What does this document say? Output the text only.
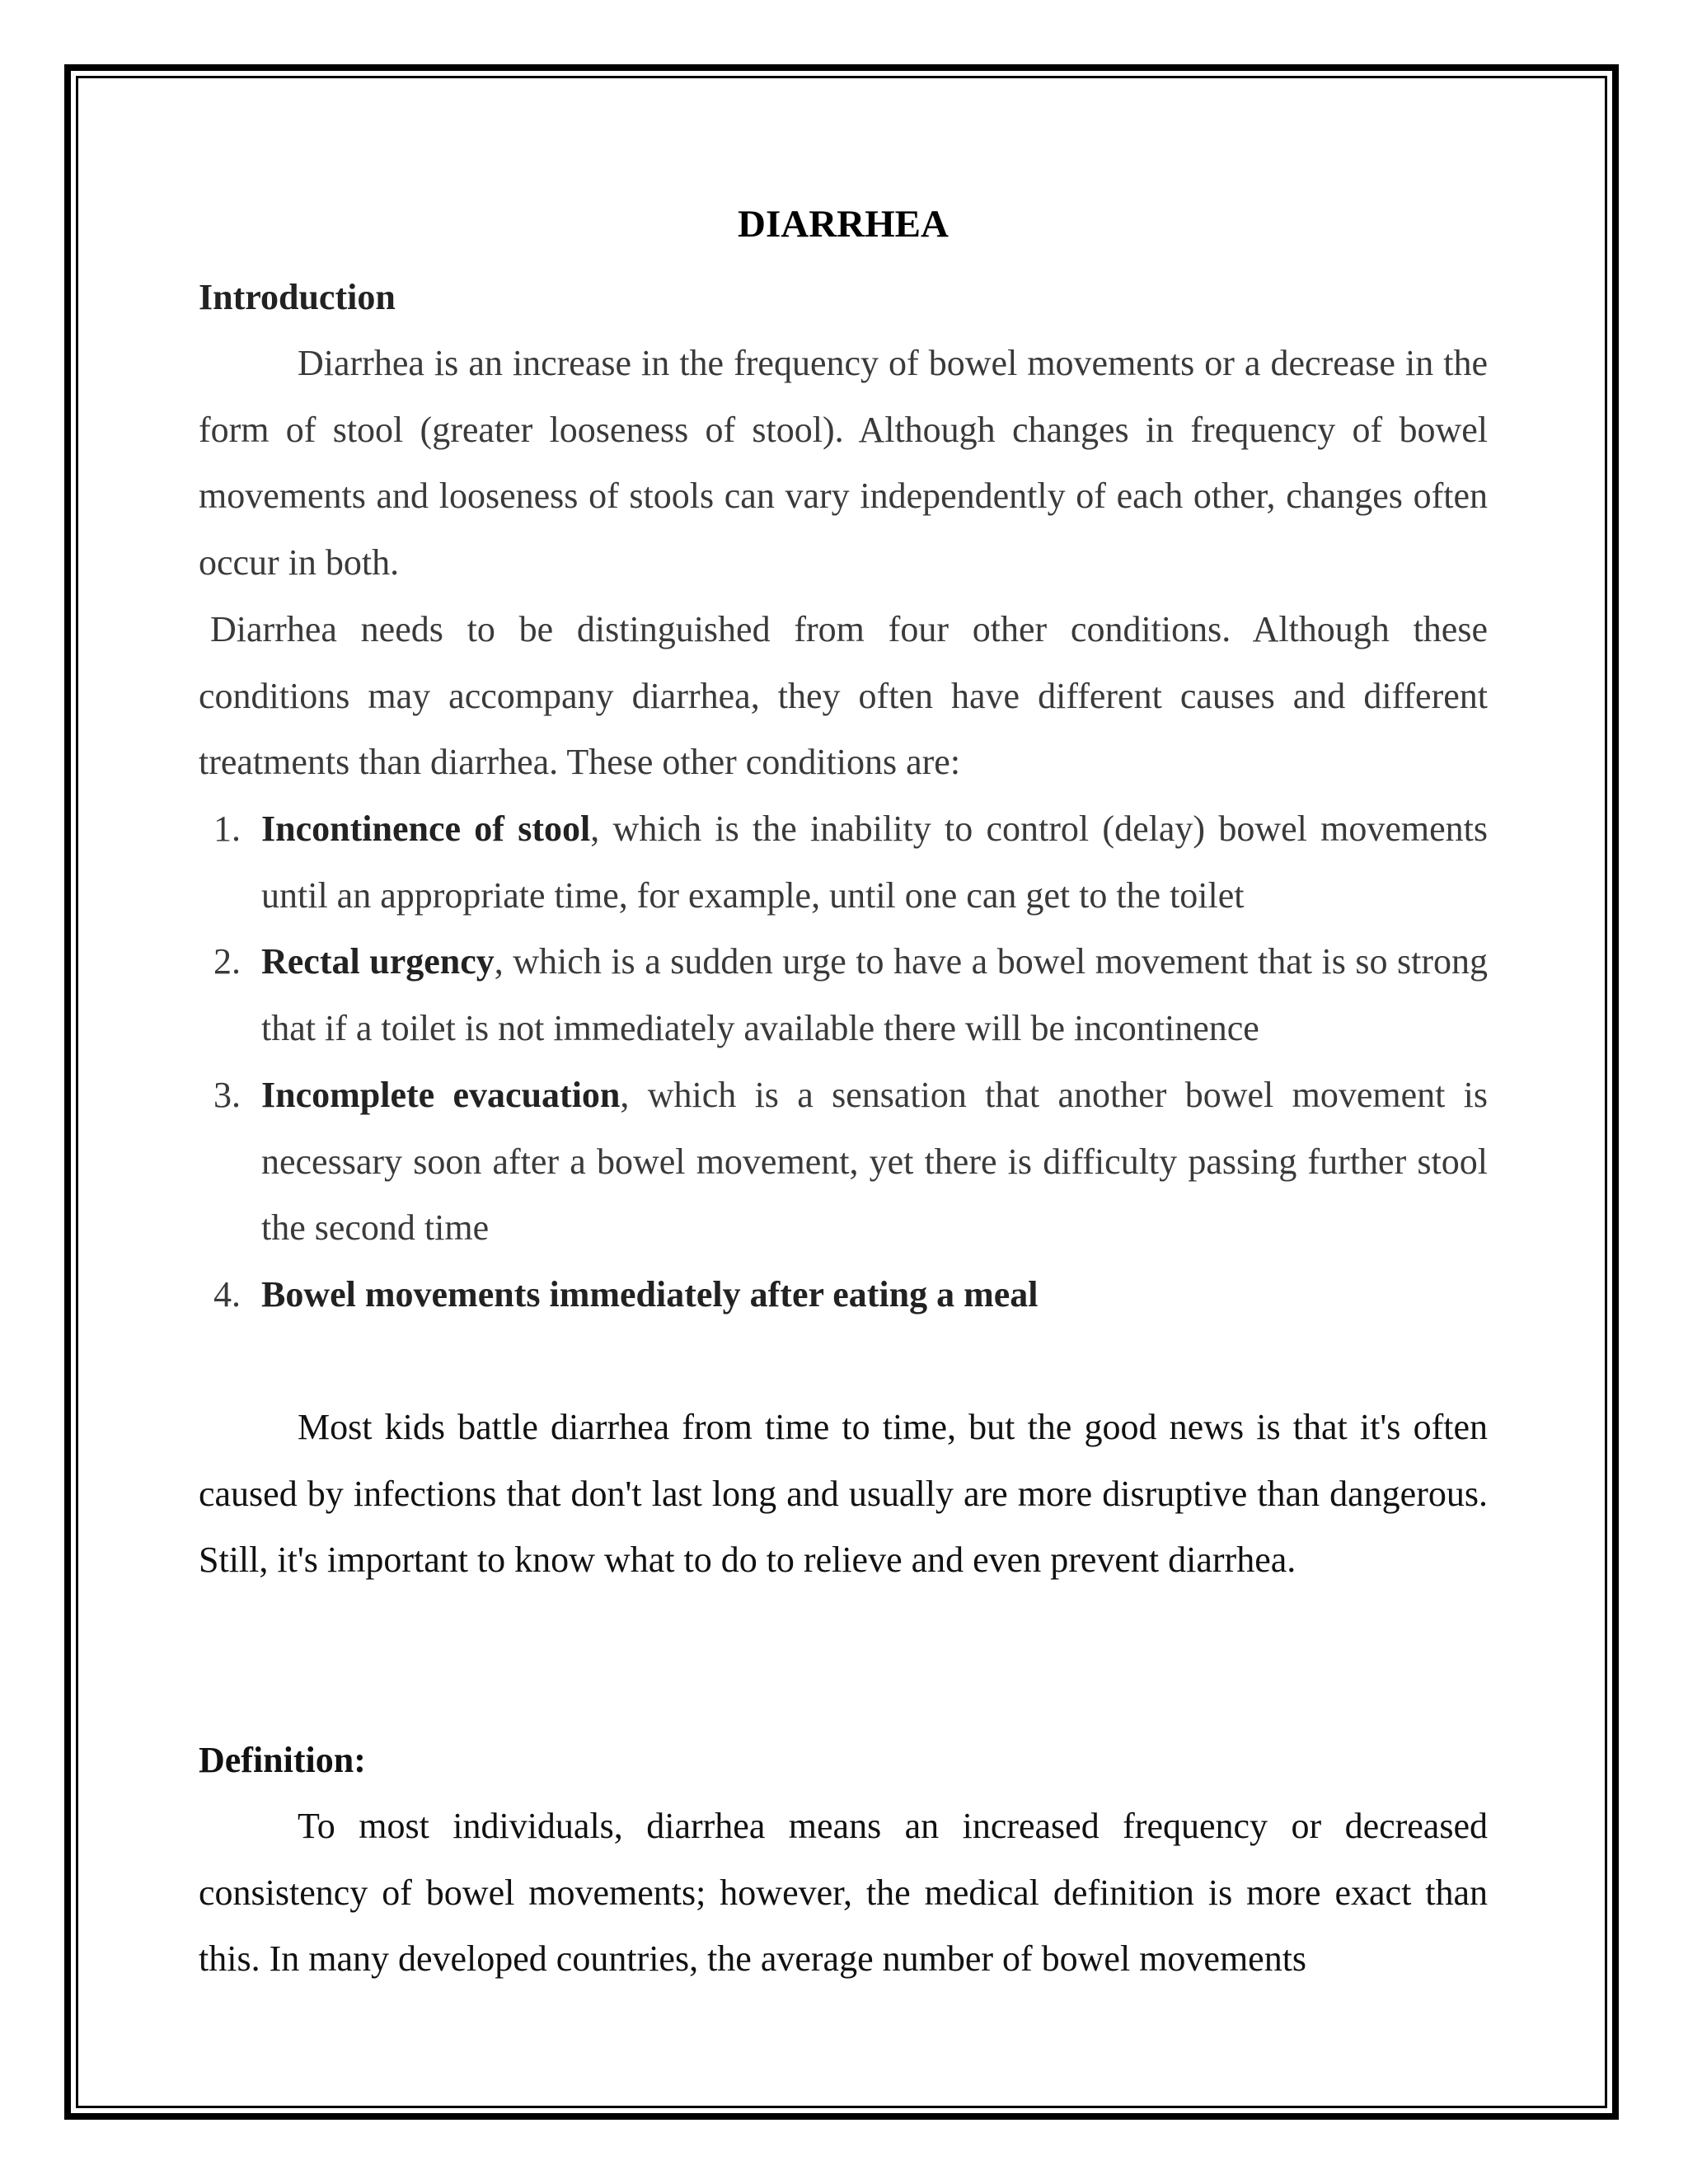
DIARRHEA
Introduction

Diarrhea is an increase in the frequency of bowel movements or a decrease in the form of stool (greater looseness of stool). Although changes in frequency of bowel movements and looseness of stools can vary independently of each other, changes often occur in both.

Diarrhea needs to be distinguished from four other conditions. Although these conditions may accompany diarrhea, they often have different causes and different treatments than diarrhea. These other conditions are:

1. Incontinence of stool, which is the inability to control (delay) bowel movements until an appropriate time, for example, until one can get to the toilet
2. Rectal urgency, which is a sudden urge to have a bowel movement that is so strong that if a toilet is not immediately available there will be incontinence
3. Incomplete evacuation, which is a sensation that another bowel movement is necessary soon after a bowel movement, yet there is difficulty passing further stool the second time
4. Bowel movements immediately after eating a meal

Most kids battle diarrhea from time to time, but the good news is that it's often caused by infections that don't last long and usually are more disruptive than dangerous. Still, it's important to know what to do to relieve and even prevent diarrhea.

Definition:

To most individuals, diarrhea means an increased frequency or decreased consistency of bowel movements; however, the medical definition is more exact than this. In many developed countries, the average number of bowel movements
